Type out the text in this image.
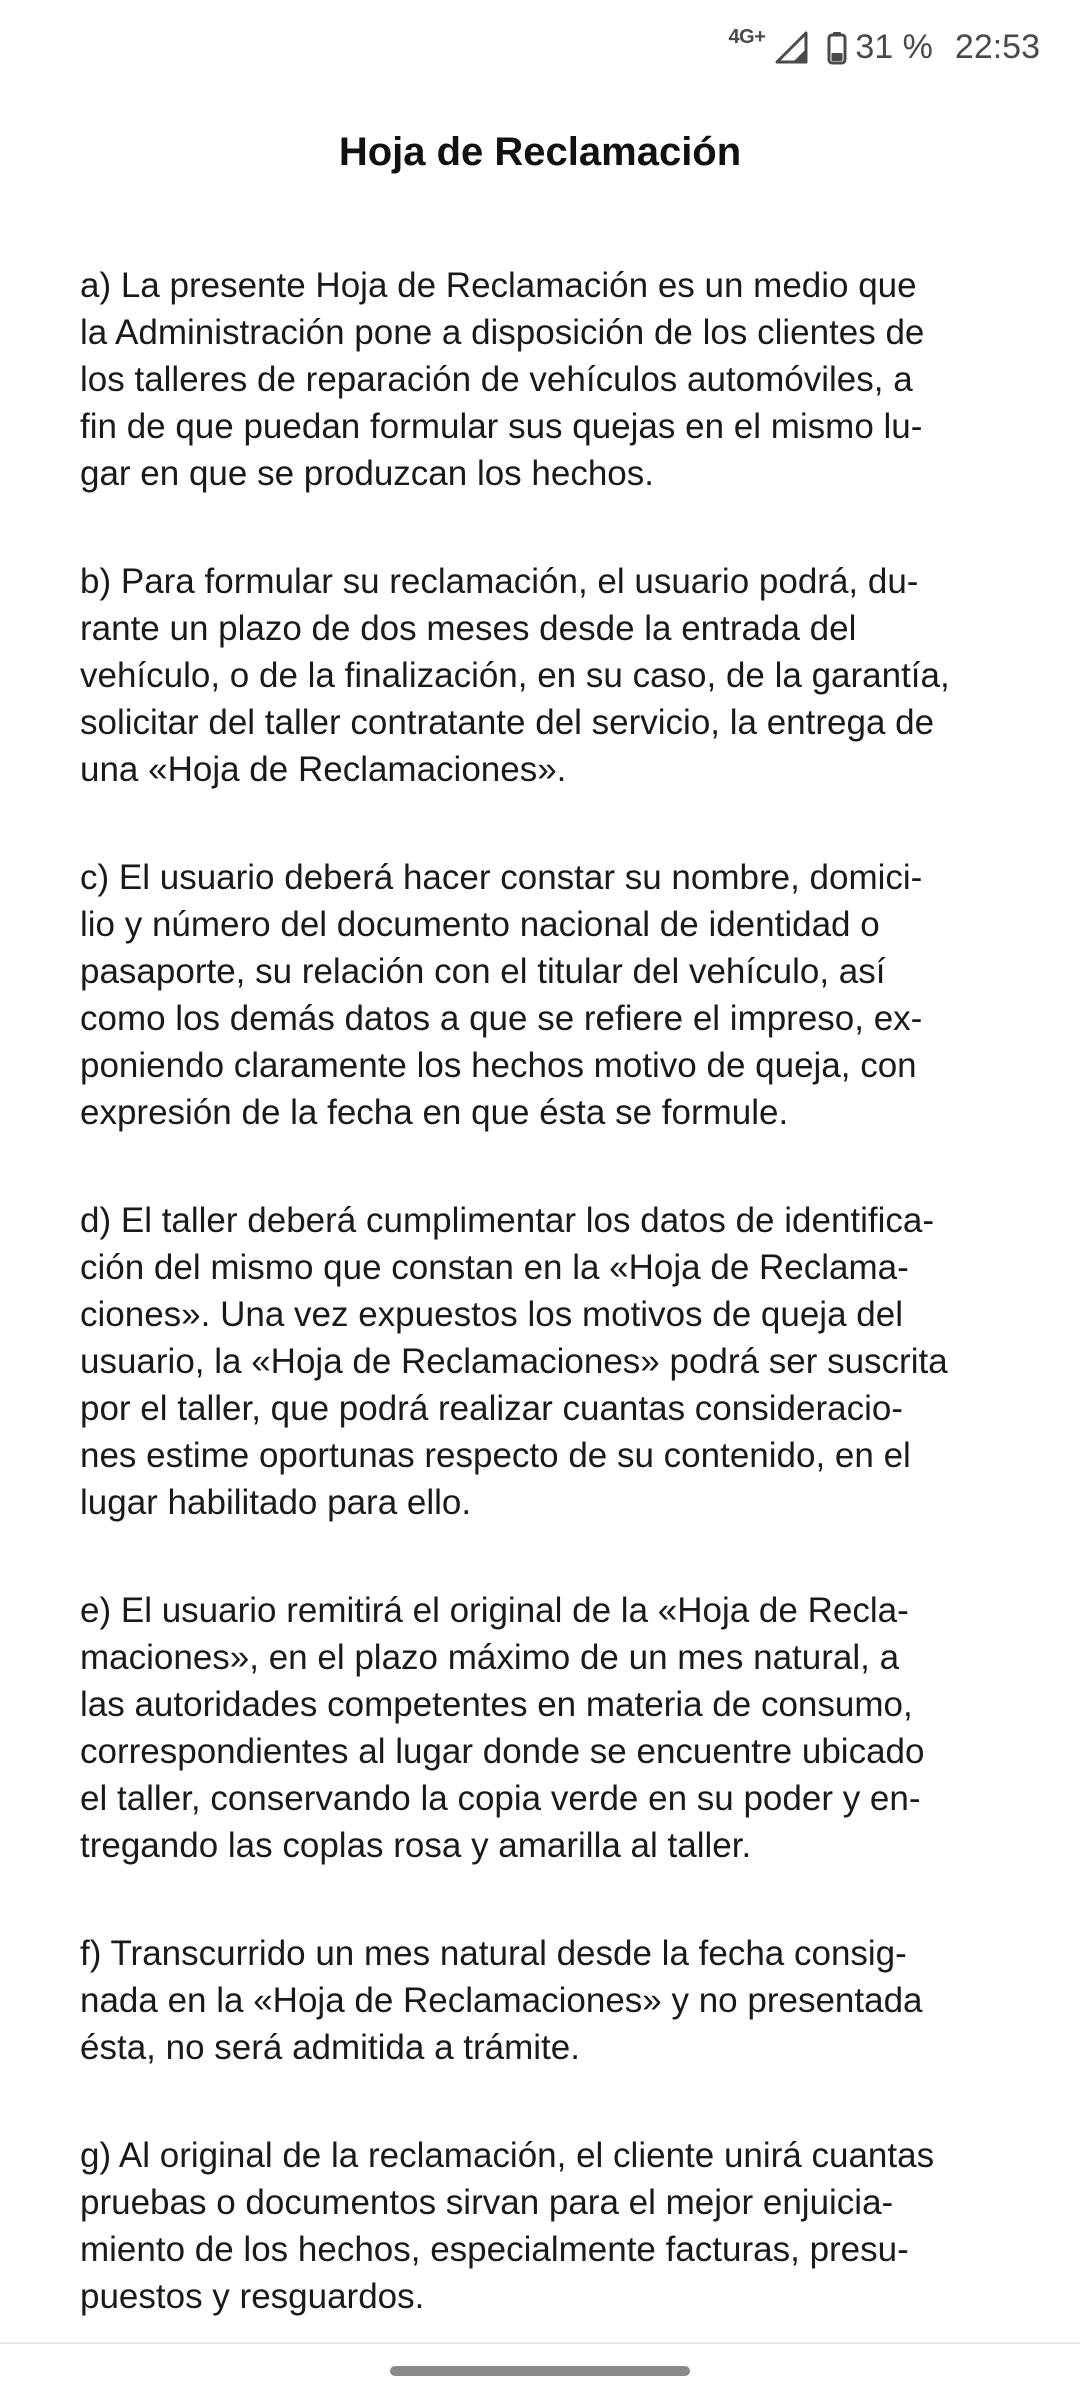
4G+	31 % 22:53
Hoja de Reclamación

a) La presente Hoja de Reclamación es un medio que
la Administración pone a disposición de los clientes de
los talleres de reparación de vehículos automóviles, a
fin de que puedan formular sus quejas en el mismo lu-
gar en que se produzcan los hechos.

b) Para formular su reclamación, el usuario podrá, du-
rante un plazo de dos meses desde la entrada del
vehículo, o de la finalización, en su caso, de la garantía,
solicitar del taller contratante del servicio, la entrega de
una «Hoja de Reclamaciones».

c) El usuario deberá hacer constar su nombre, domici-
lio y número del documento nacional de identidad o
pasaporte, su relación con el titular del vehículo, así
como los demás datos a que se refiere el impreso, ex-
poniendo claramente los hechos motivo de queja, con
expresión de la fecha en que ésta se formule.

d) El taller deberá cumplimentar los datos de identifica-
ción del mismo que constan en la «Hoja de Reclama-
ciones». Una vez expuestos los motivos de queja del
usuario, la «Hoja de Reclamaciones» podrá ser suscrita
por el taller, que podrá realizar cuantas consideracio-
nes estime oportunas respecto de su contenido, en el
lugar habilitado para ello.

e) El usuario remitirá el original de la «Hoja de Recla-
maciones», en el plazo máximo de un mes natural, a
las autoridades competentes en materia de consumo,
correspondientes al lugar donde se encuentre ubicado
el taller, conservando la copia verde en su poder y en-
tregando las coplas rosa y amarilla al taller.

f) Transcurrido un mes natural desde la fecha consig-
nada en la «Hoja de Reclamaciones» y no presentada
ésta, no será admitida a trámite.

g) Al original de la reclamación, el cliente unirá cuantas
pruebas o documentos sirvan para el mejor enjuicia-
miento de los hechos, especialmente facturas, presu-
puestos y resguardos.
